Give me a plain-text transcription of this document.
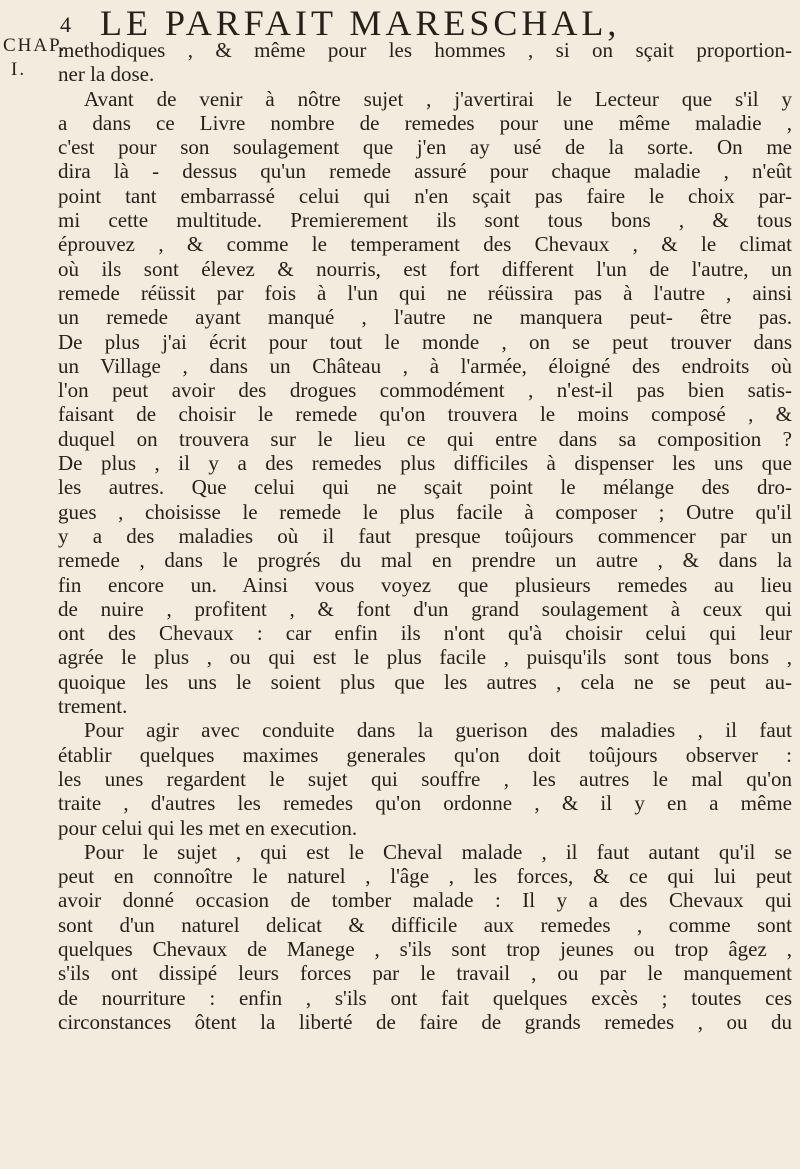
4 LE PARFAIT MARESCHAL,
CHAP.
I.
methodiques , & même pour les hommes , si on sçait proportion-
ner la dose.
Avant de venir à nôtre sujet , j'avertirai le Lecteur que s'il y
a dans ce Livre nombre de remedes pour une même maladie ,
c'est pour son soulagement que j'en ay usé de la sorte. On me
dira là - dessus qu'un remede assuré pour chaque maladie , n'eût
point tant embarrassé celui qui n'en sçait pas faire le choix par-
mi cette multitude. Premierement ils sont tous bons , & tous
éprouvez , & comme le temperament des Chevaux , & le climat
où ils sont élevez & nourris, est fort different l'un de l'autre, un
remede réüssit par fois à l'un qui ne réüssira pas à l'autre , ainsi
un remede ayant manqué , l'autre ne manquera peut- être pas.
De plus j'ai écrit pour tout le monde , on se peut trouver dans
un Village , dans un Château , à l'armée, éloigné des endroits où
l'on peut avoir des drogues commodément , n'est-il pas bien satis-
faisant de choisir le remede qu'on trouvera le moins composé , &
duquel on trouvera sur le lieu ce qui entre dans sa composition ?
De plus , il y a des remedes plus difficiles à dispenser les uns que
les autres. Que celui qui ne sçait point le mélange des dro-
gues , choisisse le remede le plus facile à composer ; Outre qu'il
y a des maladies où il faut presque toûjours commencer par un
remede , dans le progrés du mal en prendre un autre , & dans la
fin encore un. Ainsi vous voyez que plusieurs remedes au lieu
de nuire , profitent , & font d'un grand soulagement à ceux qui
ont des Chevaux : car enfin ils n'ont qu'à choisir celui qui leur
agrée le plus , ou qui est le plus facile , puisqu'ils sont tous bons ,
quoique les uns le soient plus que les autres , cela ne se peut au-
trement.
Pour agir avec conduite dans la guerison des maladies , il faut
établir quelques maximes generales qu'on doit toûjours observer :
les unes regardent le sujet qui souffre , les autres le mal qu'on
traite , d'autres les remedes qu'on ordonne , & il y en a même
pour celui qui les met en execution.
Pour le sujet , qui est le Cheval malade , il faut autant qu'il se
peut en connoître le naturel , l'âge , les forces, & ce qui lui peut
avoir donné occasion de tomber malade : Il y a des Chevaux qui
sont d'un naturel delicat & difficile aux remedes , comme sont
quelques Chevaux de Manege , s'ils sont trop jeunes ou trop âgez ,
s'ils ont dissipé leurs forces par le travail , ou par le manquement
de nourriture : enfin , s'ils ont fait quelques excès ; toutes ces
circonstances ôtent la liberté de faire de grands remedes , ou du
